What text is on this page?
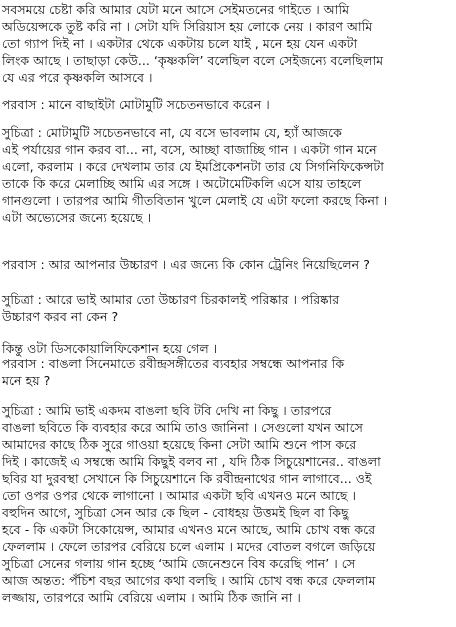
সবসময়ে চেষ্টা করি আমার যেটা মনে আসে সেইমতনের গাইতে । আমি
অডিয়েন্সকে তুষ্ট করি না । সেটা যদি সিরিয়াস হয় লোকে নেয় । কারণ আমি
তো গ্যাপ দিই না । একটার থেকে একটায় চলে যাই , মনে হয় যেন একটা
লিংক আছে । তাছাড়া কেউ... ‘কৃষ্ণকলি’ বলেছিল বলে সেইজন্যে বলেছিলাম
যে এর পরে কৃষ্ণকলি আসবে ।
পরবাস : মানে বাছাইটা মোটামুটি সচেতনভাবে করেন ।
সুচিত্রা : মোটামুটি সচেতনভাবে না, যে বসে ভাবলাম যে, হ্যাঁ আজকে
এই পর্যায়ের গান করব বা... না, বসে, আচ্ছা বাজাচ্ছি গান । একটা গান মনে
এলো, করলাম । করে দেখলাম তার যে ইমপ্রিকেশনটা তার যে সিগনিফিকেন্সটা
তাকে কি করে মেলাচ্ছি আমি এর সঙ্গে । অটোমেটিকলি এসে যায় তাহলে
গানগুলো । তারপর আমি গীতবিতান খুলে মেলাই যে এটা ফলো করছে কিনা ।
এটা অভ্যেসের জন্যে হয়েছে ।
পরবাস : আর আপনার উচ্চারণ । এর জন্যে কি কোন ট্রেনিং নিয়েছিলেন ?
সুচিত্রা : আরে ভাই আমার তো উচ্চারণ চিরকালই পরিষ্কার । পরিষ্কার
উচ্চারণ করব না কেন ?
কিন্তু ওটা ডিসকোয়ালিফিকেশান হয়ে গেল ।
পরবাস : বাঙলা সিনেমাতে রবীন্দ্রসঙ্গীতের ব্যবহার সম্বন্ধে আপনার কি
মনে হয় ?
সুচিত্রা : আমি ভাই একদম বাঙলা ছবি টবি দেখি না কিছু । তারপরে
বাঙলা ছবিতে কি ব্যবহার করে আমি তাও জানিনা । সেগুলো যখন আসে
আমাদের কাছে ঠিক সুরে গাওয়া হয়েছে কিনা সেটা আমি শুনে পাস করে
দিই । কাজেই এ সম্বন্ধে আমি কিছুই বলব না , যদি ঠিক সিচুয়েশানের.. বাঙলা
ছবির যা দুরবস্থা সেখানে কি সিচুয়েশানে কি রবীন্দ্রনাথের গান লাগাবে... ওই
তো ওপর ওপর থেকে লাগানো । আমার একটা ছবি এখনও মনে আছে ।
বহুদিন আগে, সুচিত্রা সেন আর কে ছিল - বোধহয় উত্তমই ছিল বা কিছু
হবে - কি একটা সিকোয়েন্স, আমার এখনও মনে আছে, আমি চোখ বন্ধ করে
ফেললাম । ফেলে তারপর বেরিয়ে চলে এলাম । মদের বোতল বগলে জড়িয়ে
সুচিত্রা সেনের গলায় গান হচ্ছে ‘আমি জেনেশুনে বিষ করেছি পান’ । সে
আজ অন্তত: পঁচিশ বছর আগের কথা বলছি । আমি চোখ বন্ধ করে ফেললাম
লজ্জায়, তারপরে আমি বেরিয়ে এলাম । আমি ঠিক জানি না ।
